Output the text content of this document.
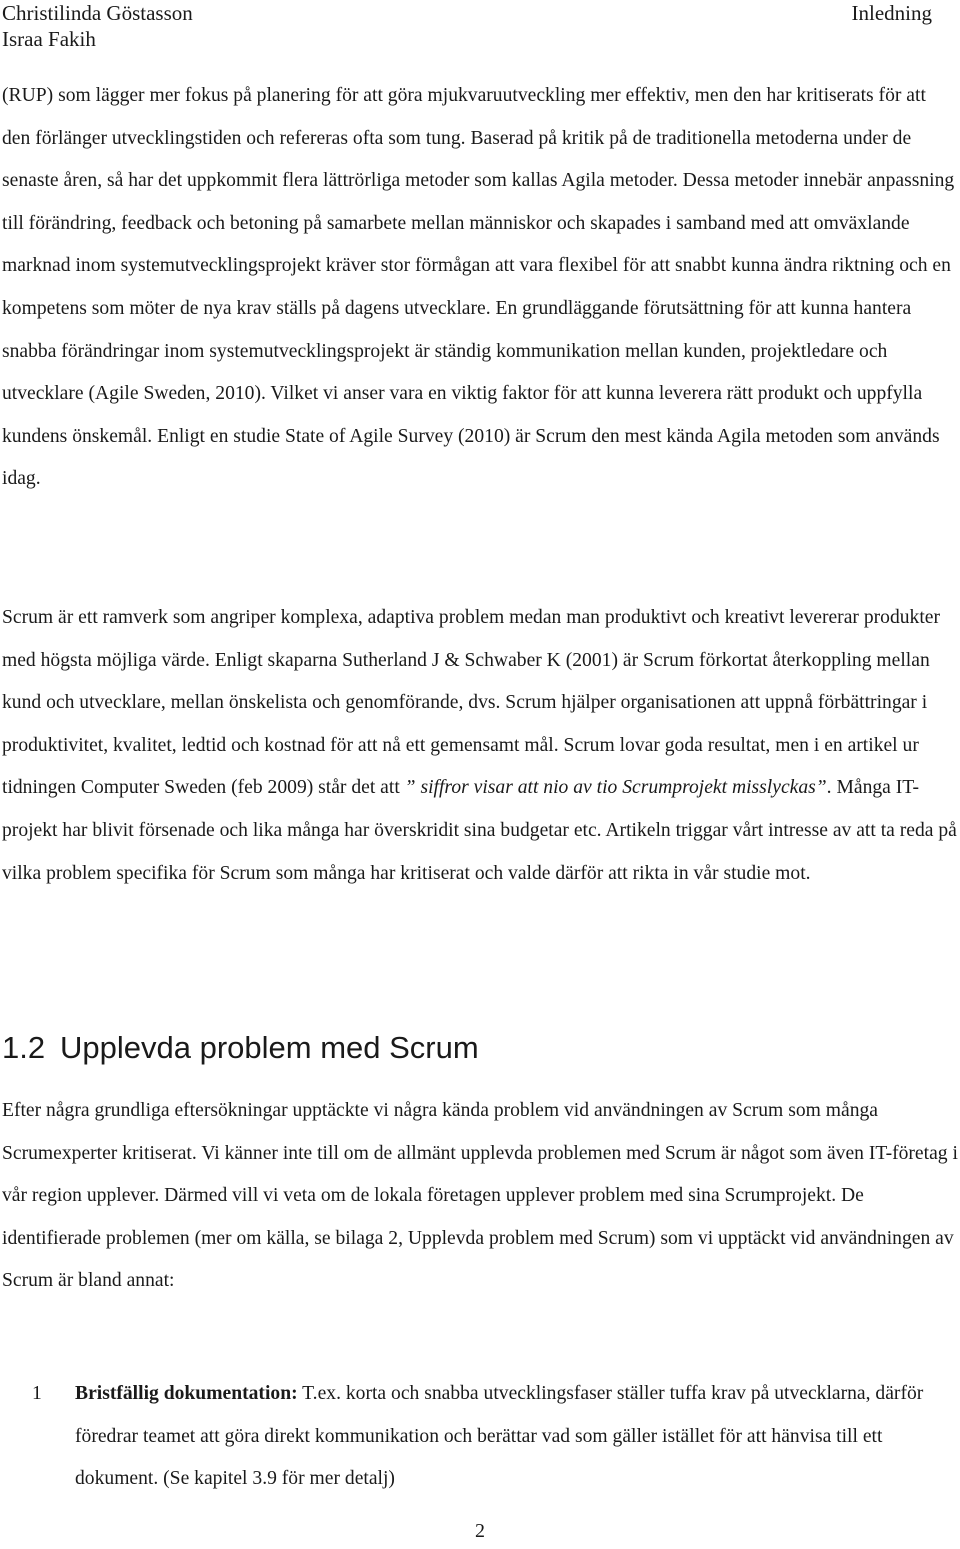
Christilinda Göstasson
Israa Fakih
Inledning

(RUP) som lägger mer fokus på planering för att göra mjukvaruutveckling mer effektiv, men den har kritiserats för att den förlänger utvecklingstiden och refereras ofta som tung. Baserad på kritik på de traditionella metoderna under de senaste åren, så har det uppkommit flera lättrörliga metoder som kallas Agila metoder. Dessa metoder innebär anpassning till förändring, feedback och betoning på samarbete mellan människor och skapades i samband med att omväxlande marknad inom systemutvecklingsprojekt kräver stor förmågan att vara flexibel för att snabbt kunna ändra riktning och en kompetens som möter de nya krav ställs på dagens utvecklare. En grundläggande förutsättning för att kunna hantera snabba förändringar inom systemutvecklingsprojekt är ständig kommunikation mellan kunden, projektledare och utvecklare (Agile Sweden, 2010). Vilket vi anser vara en viktig faktor för att kunna leverera rätt produkt och uppfylla kundens önskemål. Enligt en studie State of Agile Survey (2010) är Scrum den mest kända Agila metoden som används idag.

Scrum är ett ramverk som angriper komplexa, adaptiva problem medan man produktivt och kreativt levererar produkter med högsta möjliga värde. Enligt skaparna Sutherland J & Schwaber K (2001) är Scrum förkortat återkoppling mellan kund och utvecklare, mellan önskelista och genomförande, dvs. Scrum hjälper organisationen att uppnå förbättringar i produktivitet, kvalitet, ledtid och kostnad för att nå ett gemensamt mål. Scrum lovar goda resultat, men i en artikel ur tidningen Computer Sweden (feb 2009) står det att ” siffror visar att nio av tio Scrumprojekt misslyckas”. Många IT-projekt har blivit försenade och lika många har överskridit sina budgetar etc. Artikeln triggar vårt intresse av att ta reda på vilka problem specifika för Scrum som många har kritiserat och valde därför att rikta in vår studie mot.

1.2 Upplevda problem med Scrum

Efter några grundliga eftersökningar upptäckte vi några kända problem vid användningen av Scrum som många Scrumexperter kritiserat. Vi känner inte till om de allmänt upplevda problemen med Scrum är något som även IT-företag i vår region upplever. Därmed vill vi veta om de lokala företagen upplever problem med sina Scrumprojekt. De identifierade problemen (mer om källa, se bilaga 2, Upplevda problem med Scrum) som vi upptäckt vid användningen av Scrum är bland annat:

1 Bristfällig dokumentation: T.ex. korta och snabba utvecklingsfaser ställer tuffa krav på utvecklarna, därför föredrar teamet att göra direkt kommunikation och berättar vad som gäller istället för att hänvisa till ett dokument. (Se kapitel 3.9 för mer detalj)
2
